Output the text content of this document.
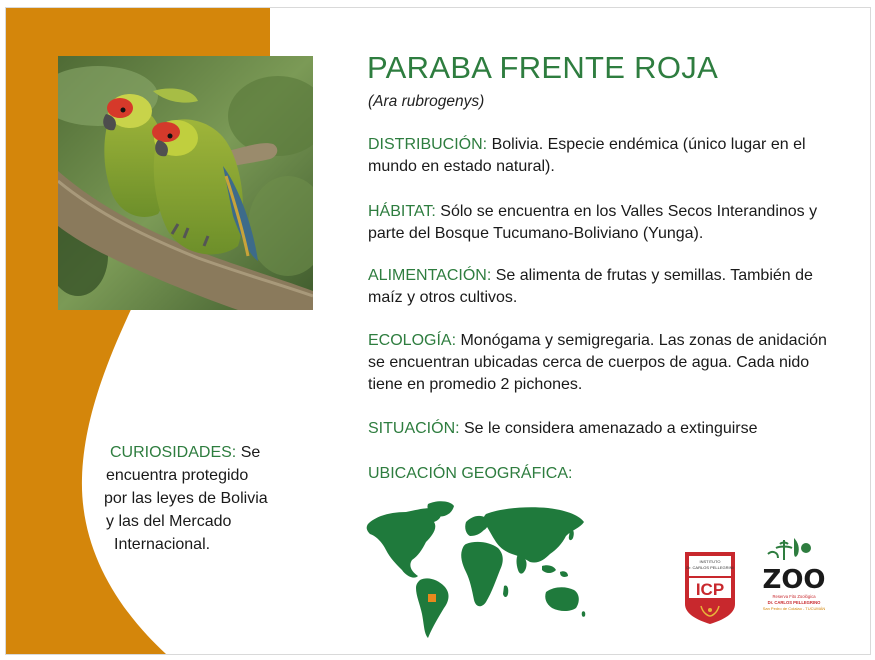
PARABA FRENTE ROJA
(Ara rubrogenys)
DISTRIBUCIÓN: Bolivia. Especie endémica (único lugar en el mundo en estado natural).
HÁBITAT: Sólo se encuentra en los Valles Secos Interandinos y parte del Bosque Tucumano-Boliviano (Yunga).
ALIMENTACIÓN: Se alimenta de frutas y semillas. También de maíz y otros cultivos.
ECOLOGÍA: Monógama y semigregaria. Las zonas de anidación se encuentran ubicadas cerca de cuerpos de agua. Cada nido tiene en promedio 2 pichones.
SITUACIÓN: Se le considera amenazado a extinguirse
UBICACIÓN GEOGRÁFICA:
CURIOSIDADES: Se
encuentra protegido
por las leyes de Bolivia
y las del Mercado
Internacional.
INSTITUTO
Dr. CARLOS PELLEGRINI
ICP ZOO
Reserva Fito Zoológica
Dr. CARLOS PELLEGRINO
San Pedro de Colalao - TUCUMÁN
